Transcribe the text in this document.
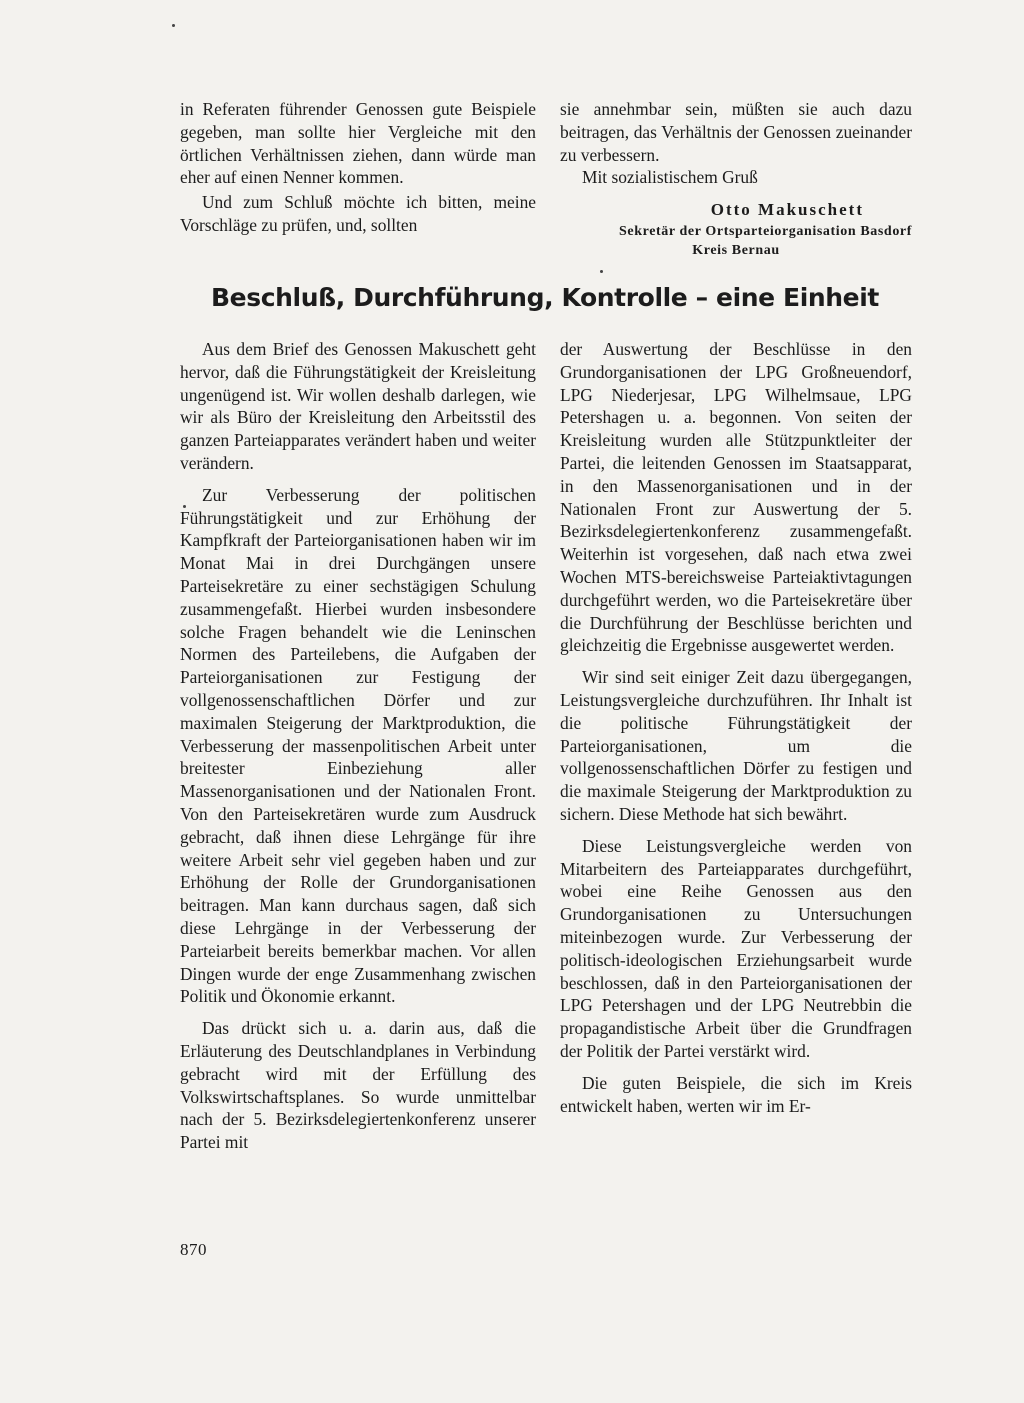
in Referaten führender Genossen gute Beispiele gegeben, man sollte hier Vergleiche mit den örtlichen Verhältnissen ziehen, dann würde man eher auf einen Nenner kommen.

Und zum Schluß möchte ich bitten, meine Vorschläge zu prüfen, und, sollten

sie annehmbar sein, müßten sie auch dazu beitragen, das Verhältnis der Genossen zueinander zu verbessern.

Mit sozialistischem Gruß

Otto Makuschett
Sekretär der Ortsparteiorganisation Basdorf
Kreis Bernau
Beschluß, Durchführung, Kontrolle – eine Einheit

Aus dem Brief des Genossen Makuschett geht hervor, daß die Führungstätigkeit der Kreisleitung ungenügend ist. Wir wollen deshalb darlegen, wie wir als Büro der Kreisleitung den Arbeitsstil des ganzen Parteiapparates verändert haben und weiter verändern.

Zur Verbesserung der politischen Führungstätigkeit und zur Erhöhung der Kampfkraft der Parteiorganisationen haben wir im Monat Mai in drei Durchgängen unsere Parteisekretäre zu einer sechstägigen Schulung zusammengefaßt. Hierbei wurden insbesondere solche Fragen behandelt wie die Leninschen Normen des Parteilebens, die Aufgaben der Parteiorganisationen zur Festigung der vollgenossenschaftlichen Dörfer und zur maximalen Steigerung der Marktproduktion, die Verbesserung der massenpolitischen Arbeit unter breitester Einbeziehung aller Massenorganisationen und der Nationalen Front. Von den Parteisekretären wurde zum Ausdruck gebracht, daß ihnen diese Lehrgänge für ihre weitere Arbeit sehr viel gegeben haben und zur Erhöhung der Rolle der Grundorganisationen beitragen. Man kann durchaus sagen, daß sich diese Lehrgänge in der Verbesserung der Parteiarbeit bereits bemerkbar machen. Vor allen Dingen wurde der enge Zusammenhang zwischen Politik und Ökonomie erkannt.

Das drückt sich u. a. darin aus, daß die Erläuterung des Deutschlandplanes in Verbindung gebracht wird mit der Erfüllung des Volkswirtschaftsplanes. So wurde unmittelbar nach der 5. Bezirksdelegiertenkonferenz unserer Partei mit

der Auswertung der Beschlüsse in den Grundorganisationen der LPG Großneuendorf, LPG Niederjesar, LPG Wilhelmsaue, LPG Petershagen u. a. begonnen. Von seiten der Kreisleitung wurden alle Stützpunktleiter der Partei, die leitenden Genossen im Staatsapparat, in den Massenorganisationen und in der Nationalen Front zur Auswertung der 5. Bezirksdelegiertenkonferenz zusammengefaßt. Weiterhin ist vorgesehen, daß nach etwa zwei Wochen MTS-bereichsweise Parteiaktivtagungen durchgeführt werden, wo die Parteisekretäre über die Durchführung der Beschlüsse berichten und gleichzeitig die Ergebnisse ausgewertet werden.

Wir sind seit einiger Zeit dazu übergegangen, Leistungsvergleiche durchzuführen. Ihr Inhalt ist die politische Führungstätigkeit der Parteiorganisationen, um die vollgenossenschaftlichen Dörfer zu festigen und die maximale Steigerung der Marktproduktion zu sichern. Diese Methode hat sich bewährt.

Diese Leistungsvergleiche werden von Mitarbeitern des Parteiapparates durchgeführt, wobei eine Reihe Genossen aus den Grundorganisationen zu Untersuchungen miteinbezogen wurde. Zur Verbesserung der politisch-ideologischen Erziehungsarbeit wurde beschlossen, daß in den Parteiorganisationen der LPG Petershagen und der LPG Neutrebbin die propagandistische Arbeit über die Grundfragen der Politik der Partei verstärkt wird.

Die guten Beispiele, die sich im Kreis entwickelt haben, werten wir im Er-

870
